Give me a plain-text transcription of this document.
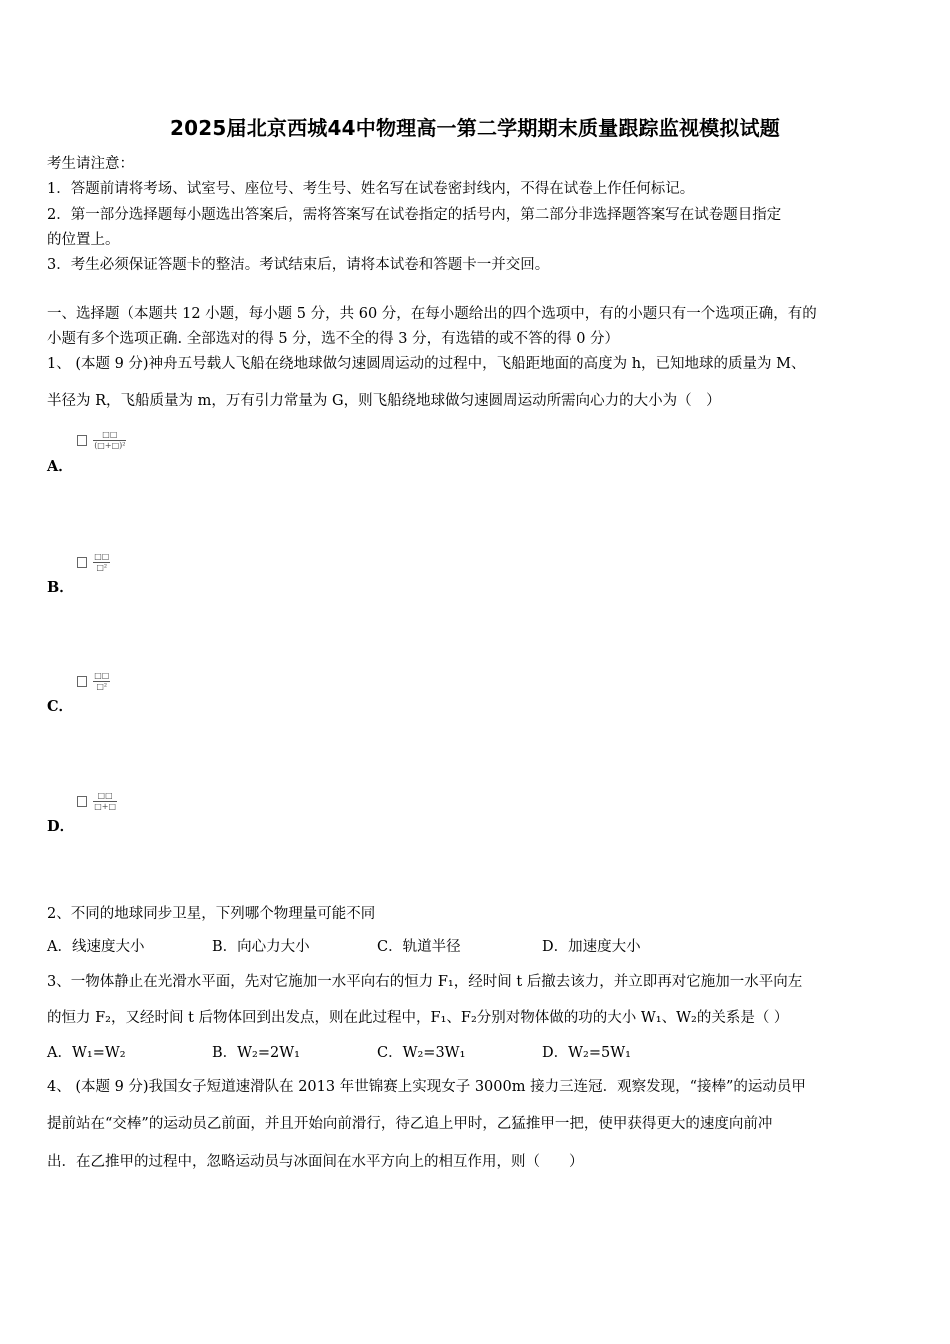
2025届北京西城44中物理高一第二学期期末质量跟踪监视模拟试题
考生请注意：
1．答题前请将考场、试室号、座位号、考生号、姓名写在试卷密封线内，不得在试卷上作任何标记。
2．第一部分选择题每小题选出答案后，需将答案写在试卷指定的括号内，第二部分非选择题答案写在试卷题目指定
的位置上。
3．考生必须保证答题卡的整洁。考试结束后，请将本试卷和答题卡一并交回。
一、选择题（本题共 12 小题，每小题 5 分，共 60 分，在每小题给出的四个选项中，有的小题只有一个选项正确，有的
小题有多个选项正确. 全部选对的得 5 分，选不全的得 3 分，有选错的或不答的得 0 分）
1、 (本题 9 分)神舟五号载人飞船在绕地球做匀速圆周运动的过程中，飞船距地面的高度为 h，已知地球的质量为 M、
半径为 R，飞船质量为 m，万有引力常量为 G，则飞船绕地球做匀速圆周运动所需向心力的大小为（　）

$\frac{□□}{\text{(□+□)²}}$
A．

$\frac{□□}{\text{□²}}$
B．

$\frac{□□}{\text{□²}}$
C．

$\frac{□□}{□+□}$
D．
2、不同的地球同步卫星，下列哪个物理量可能不同
A．线速度大小	B．向心力大小	C．轨道半径	D．加速度大小
3、一物体静止在光滑水平面，先对它施加一水平向右的恒力 F₁，经时间 t 后撤去该力，并立即再对它施加一水平向左
的恒力 F₂，又经时间 t 后物体回到出发点，则在此过程中，F₁、F₂分别对物体做的功的大小 W₁、W₂的关系是（ ）
A．W₁=W₂	B．W₂=2W₁	C．W₂=3W₁	D．W₂=5W₁
4、 (本题 9 分)我国女子短道速滑队在 2013 年世锦赛上实现女子 3000m 接力三连冠．观察发现，“接棒”的运动员甲
提前站在“交棒”的运动员乙前面，并且开始向前滑行，待乙追上甲时，乙猛推甲一把，使甲获得更大的速度向前冲
出．在乙推甲的过程中，忽略运动员与冰面间在水平方向上的相互作用，则（　　）
